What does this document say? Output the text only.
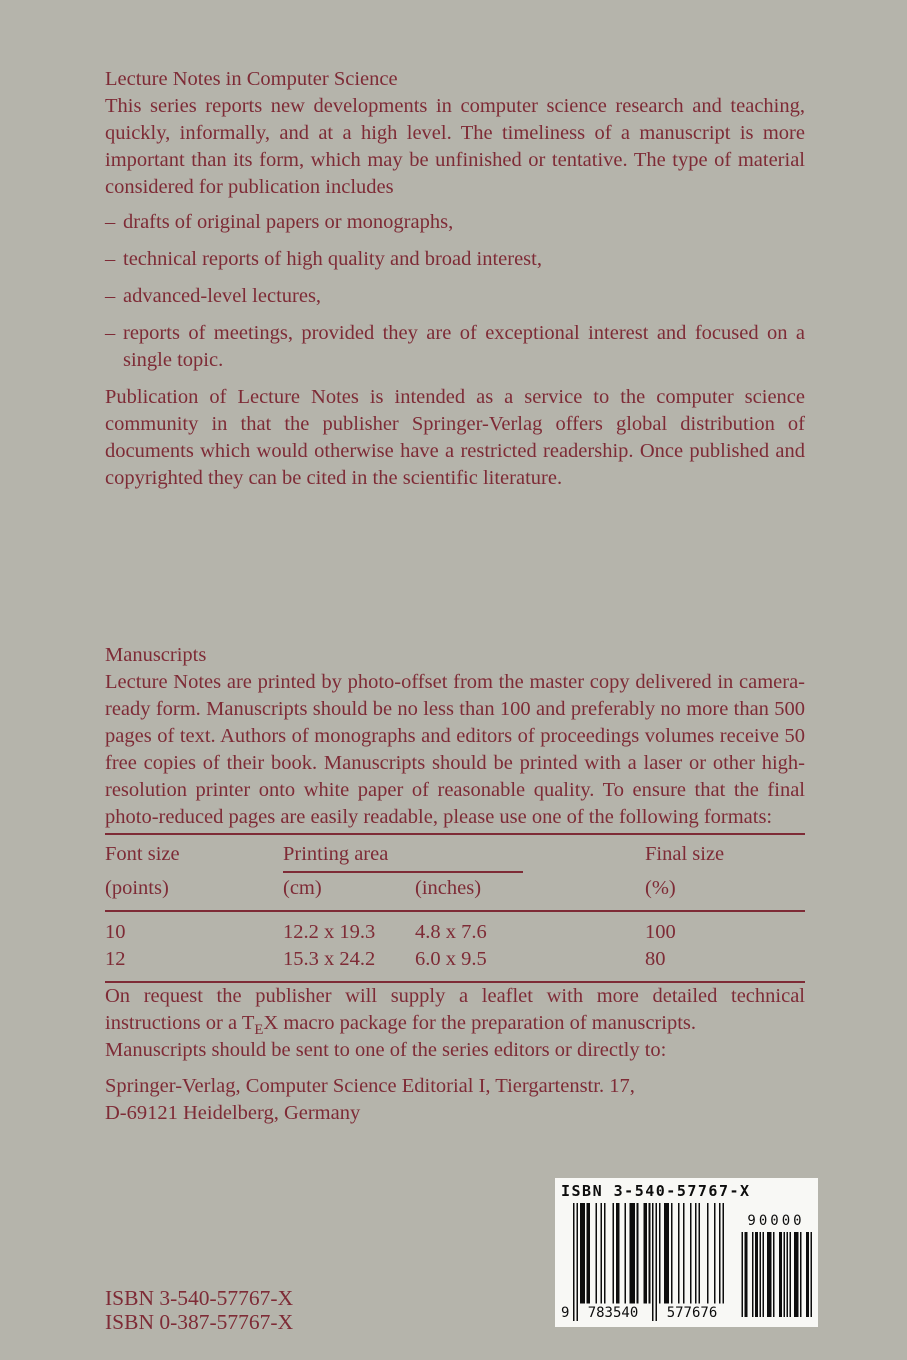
Lecture Notes in Computer Science

This series reports new developments in computer science research and teaching, quickly, informally, and at a high level. The timeliness of a manuscript is more important than its form, which may be unfinished or tentative. The type of material considered for publication includes

– drafts of original papers or monographs,
– technical reports of high quality and broad interest,
– advanced-level lectures,
– reports of meetings, provided they are of exceptional interest and focused on a single topic.

Publication of Lecture Notes is intended as a service to the computer science community in that the publisher Springer-Verlag offers global distribution of documents which would otherwise have a restricted readership. Once published and copyrighted they can be cited in the scientific literature.

Manuscripts

Lecture Notes are printed by photo-offset from the master copy delivered in camera-ready form. Manuscripts should be no less than 100 and preferably no more than 500 pages of text. Authors of monographs and editors of proceedings volumes receive 50 free copies of their book. Manuscripts should be printed with a laser or other high-resolution printer onto white paper of reasonable quality. To ensure that the final photo-reduced pages are easily readable, please use one of the following formats:

Font size	Printing area	Final size
(points)	(cm)	(inches)	(%)
10	12.2 x 19.3	4.8 x 7.6	100
12	15.3 x 24.2	6.0 x 9.5	80

On request the publisher will supply a leaflet with more detailed technical instructions or a $T_EX$ macro package for the preparation of manuscripts.

Manuscripts should be sent to one of the series editors or directly to:

Springer-Verlag, Computer Science Editorial I, Tiergartenstr. 17,

D-69121 Heidelberg, Germany

ISBN 3-540-57767-X
9	783540	577676
90000
ISBN 3-540-57767-X
ISBN 0-387-57767-X
